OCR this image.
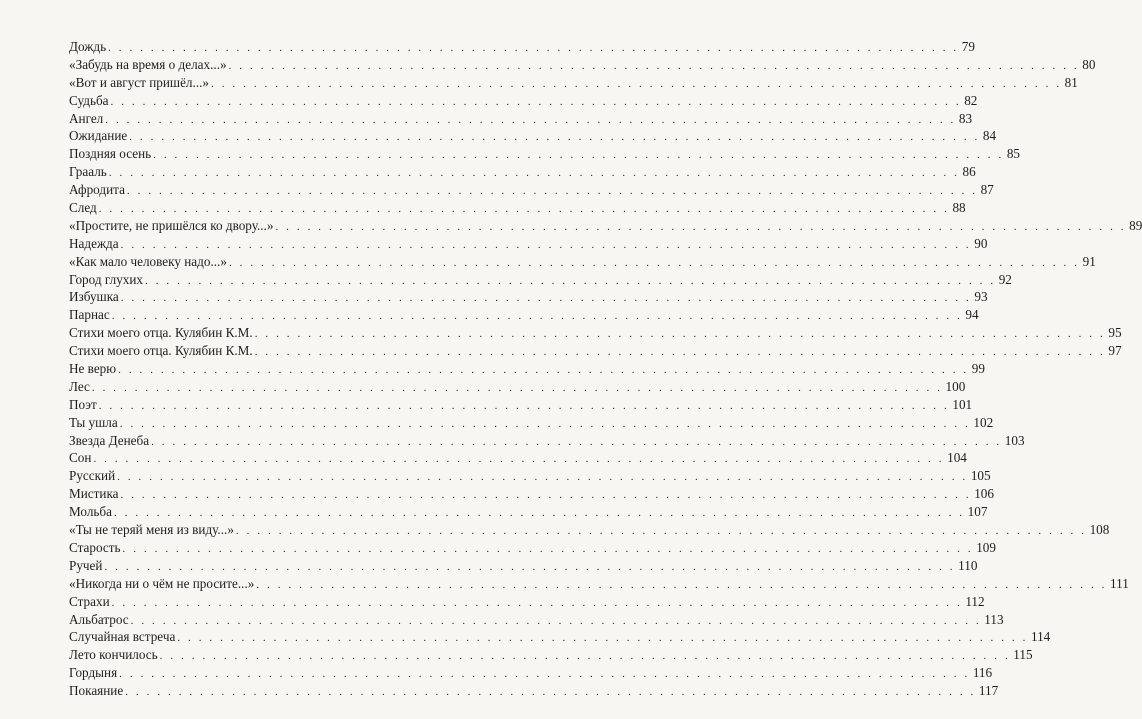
Дождь . . . . . . . . . . . . . . . . . . . . . . . . . . . . . . . . . . . . . . . . . . . . . . . . . . . . . . . . . . . . . . . . . . . . . . . . . . . . . . . . 79
«Забудь на время о делах...» . . . . . . . . . . . . . . . . . . . . . . . . . . . . . . . . . . . . . . . . . . . . . . . . . . . . . . . . . . . . . . . . . . . . . . . . . . . . . . . . 80
«Вот и август пришёл...» . . . . . . . . . . . . . . . . . . . . . . . . . . . . . . . . . . . . . . . . . . . . . . . . . . . . . . . . . . . . . . . . . . . . . . . . . . . . . . . . 81
Судьба . . . . . . . . . . . . . . . . . . . . . . . . . . . . . . . . . . . . . . . . . . . . . . . . . . . . . . . . . . . . . . . . . . . . . . . . . . . . . . . . 82
Ангел . . . . . . . . . . . . . . . . . . . . . . . . . . . . . . . . . . . . . . . . . . . . . . . . . . . . . . . . . . . . . . . . . . . . . . . . . . . . . . . . 83
Ожидание . . . . . . . . . . . . . . . . . . . . . . . . . . . . . . . . . . . . . . . . . . . . . . . . . . . . . . . . . . . . . . . . . . . . . . . . . . . . . . . . 84
Поздняя осень . . . . . . . . . . . . . . . . . . . . . . . . . . . . . . . . . . . . . . . . . . . . . . . . . . . . . . . . . . . . . . . . . . . . . . . . . . . . . . . . 85
Грааль . . . . . . . . . . . . . . . . . . . . . . . . . . . . . . . . . . . . . . . . . . . . . . . . . . . . . . . . . . . . . . . . . . . . . . . . . . . . . . . . 86
Афродита . . . . . . . . . . . . . . . . . . . . . . . . . . . . . . . . . . . . . . . . . . . . . . . . . . . . . . . . . . . . . . . . . . . . . . . . . . . . . . . . 87
След . . . . . . . . . . . . . . . . . . . . . . . . . . . . . . . . . . . . . . . . . . . . . . . . . . . . . . . . . . . . . . . . . . . . . . . . . . . . . . . . 88
«Простите, не пришёлся ко двору...» . . . . . . . . . . . . . . . . . . . . . . . . . . . . . . . . . . . . . . . . . . . . . . . . . . . . . . . . . . . . . . . . . . . . . . . . . . . . . . . . 89
Надежда . . . . . . . . . . . . . . . . . . . . . . . . . . . . . . . . . . . . . . . . . . . . . . . . . . . . . . . . . . . . . . . . . . . . . . . . . . . . . . . . 90
«Как мало человеку надо...» . . . . . . . . . . . . . . . . . . . . . . . . . . . . . . . . . . . . . . . . . . . . . . . . . . . . . . . . . . . . . . . . . . . . . . . . . . . . . . . . 91
Город глухих . . . . . . . . . . . . . . . . . . . . . . . . . . . . . . . . . . . . . . . . . . . . . . . . . . . . . . . . . . . . . . . . . . . . . . . . . . . . . . . . 92
Избушка . . . . . . . . . . . . . . . . . . . . . . . . . . . . . . . . . . . . . . . . . . . . . . . . . . . . . . . . . . . . . . . . . . . . . . . . . . . . . . . . 93
Парнас . . . . . . . . . . . . . . . . . . . . . . . . . . . . . . . . . . . . . . . . . . . . . . . . . . . . . . . . . . . . . . . . . . . . . . . . . . . . . . . . 94
Стихи моего отца. Кулябин К.М. . . . . . . . . . . . . . . . . . . . . . . . . . . . . . . . . . . . . . . . . . . . . . . . . . . . . . . . . . . . . . . . . . . . . . . . . . . . . . . . . 95
Стихи моего отца. Кулябин К.М. . . . . . . . . . . . . . . . . . . . . . . . . . . . . . . . . . . . . . . . . . . . . . . . . . . . . . . . . . . . . . . . . . . . . . . . . . . . . . . . . 97
Не верю . . . . . . . . . . . . . . . . . . . . . . . . . . . . . . . . . . . . . . . . . . . . . . . . . . . . . . . . . . . . . . . . . . . . . . . . . . . . . . . . 99
Лес . . . . . . . . . . . . . . . . . . . . . . . . . . . . . . . . . . . . . . . . . . . . . . . . . . . . . . . . . . . . . . . . . . . . . . . . . . . . . . . . 100
Поэт . . . . . . . . . . . . . . . . . . . . . . . . . . . . . . . . . . . . . . . . . . . . . . . . . . . . . . . . . . . . . . . . . . . . . . . . . . . . . . . . 101
Ты ушла . . . . . . . . . . . . . . . . . . . . . . . . . . . . . . . . . . . . . . . . . . . . . . . . . . . . . . . . . . . . . . . . . . . . . . . . . . . . . . . . 102
Звезда Денеба . . . . . . . . . . . . . . . . . . . . . . . . . . . . . . . . . . . . . . . . . . . . . . . . . . . . . . . . . . . . . . . . . . . . . . . . . . . . . . . . 103
Сон . . . . . . . . . . . . . . . . . . . . . . . . . . . . . . . . . . . . . . . . . . . . . . . . . . . . . . . . . . . . . . . . . . . . . . . . . . . . . . . . 104
Русский . . . . . . . . . . . . . . . . . . . . . . . . . . . . . . . . . . . . . . . . . . . . . . . . . . . . . . . . . . . . . . . . . . . . . . . . . . . . . . . . 105
Мистика . . . . . . . . . . . . . . . . . . . . . . . . . . . . . . . . . . . . . . . . . . . . . . . . . . . . . . . . . . . . . . . . . . . . . . . . . . . . . . . . 106
Мольба . . . . . . . . . . . . . . . . . . . . . . . . . . . . . . . . . . . . . . . . . . . . . . . . . . . . . . . . . . . . . . . . . . . . . . . . . . . . . . . . 107
«Ты не теряй меня из виду...» . . . . . . . . . . . . . . . . . . . . . . . . . . . . . . . . . . . . . . . . . . . . . . . . . . . . . . . . . . . . . . . . . . . . . . . . . . . . . . . . 108
Старость . . . . . . . . . . . . . . . . . . . . . . . . . . . . . . . . . . . . . . . . . . . . . . . . . . . . . . . . . . . . . . . . . . . . . . . . . . . . . . . . 109
Ручей . . . . . . . . . . . . . . . . . . . . . . . . . . . . . . . . . . . . . . . . . . . . . . . . . . . . . . . . . . . . . . . . . . . . . . . . . . . . . . . . 110
«Никогда ни о чём не просите...» . . . . . . . . . . . . . . . . . . . . . . . . . . . . . . . . . . . . . . . . . . . . . . . . . . . . . . . . . . . . . . . . . . . . . . . . . . . . . . . . 111
Страхи . . . . . . . . . . . . . . . . . . . . . . . . . . . . . . . . . . . . . . . . . . . . . . . . . . . . . . . . . . . . . . . . . . . . . . . . . . . . . . . . 112
Альбатрос . . . . . . . . . . . . . . . . . . . . . . . . . . . . . . . . . . . . . . . . . . . . . . . . . . . . . . . . . . . . . . . . . . . . . . . . . . . . . . . . 113
Случайная встреча . . . . . . . . . . . . . . . . . . . . . . . . . . . . . . . . . . . . . . . . . . . . . . . . . . . . . . . . . . . . . . . . . . . . . . . . . . . . . . . . 114
Лето кончилось . . . . . . . . . . . . . . . . . . . . . . . . . . . . . . . . . . . . . . . . . . . . . . . . . . . . . . . . . . . . . . . . . . . . . . . . . . . . . . . . 115
Гордыня . . . . . . . . . . . . . . . . . . . . . . . . . . . . . . . . . . . . . . . . . . . . . . . . . . . . . . . . . . . . . . . . . . . . . . . . . . . . . . . . 116
Покаяние . . . . . . . . . . . . . . . . . . . . . . . . . . . . . . . . . . . . . . . . . . . . . . . . . . . . . . . . . . . . . . . . . . . . . . . . . . . . . . . . 117
